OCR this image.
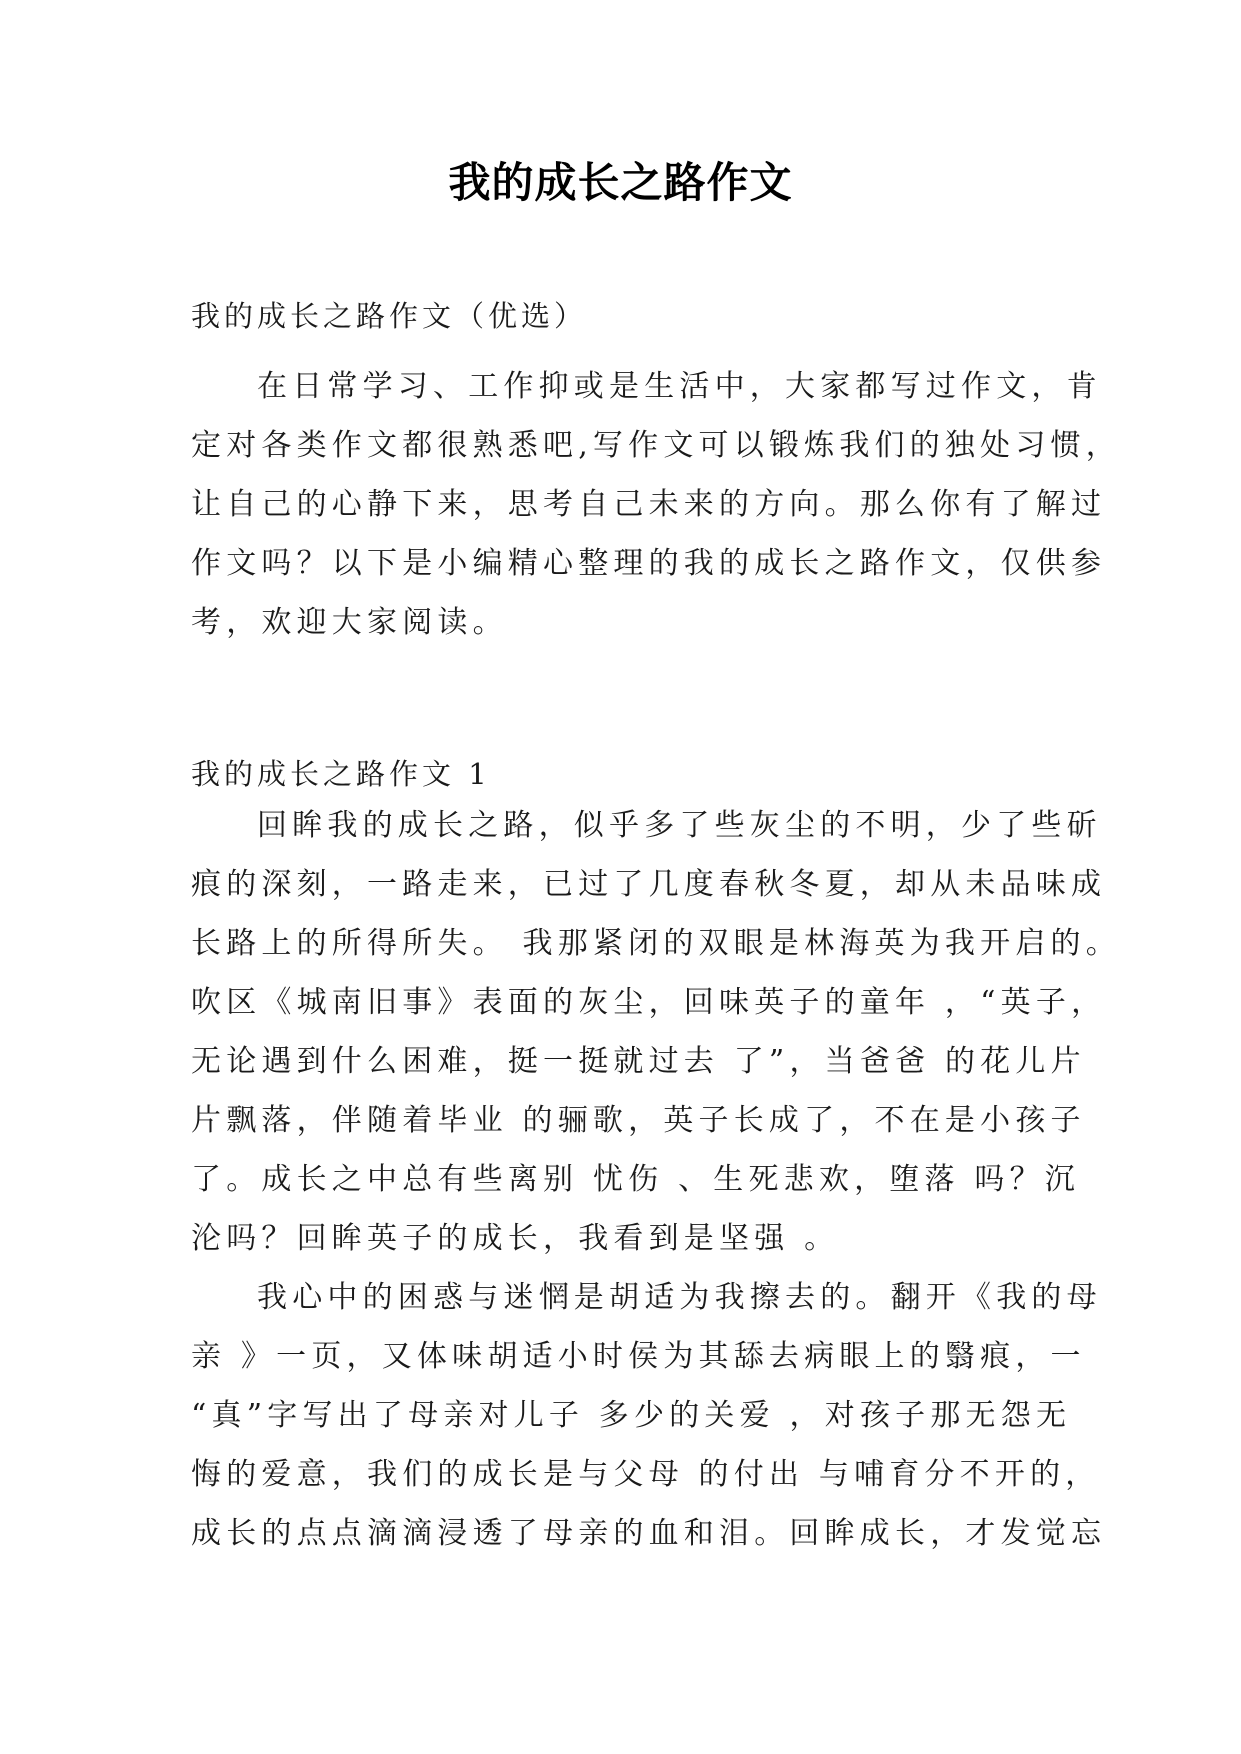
我的成长之路作文

我的成长之路作文（优选）

在日常学习、工作抑或是生活中，大家都写过作文，肯
定对各类作文都很熟悉吧,写作文可以锻炼我们的独处习惯，
让自己的心静下来，思考自己未来的方向。那么你有了解过
作文吗？以下是小编精心整理的我的成长之路作文，仅供参
考，欢迎大家阅读。

我的成长之路作文 1

回眸我的成长之路，似乎多了些灰尘的不明，少了些斫
痕的深刻，一路走来，已过了几度春秋冬夏，却从未品味成
长路上的所得所失。 我那紧闭的双眼是林海英为我开启的。
吹区《城南旧事》表面的灰尘，回味英子的童年 ，“英子，
无论遇到什么困难，挺一挺就过去 了”，当爸爸 的花儿片
片飘落，伴随着毕业 的骊歌，英子长成了，不在是小孩子
了。成长之中总有些离别 忧伤 、生死悲欢，堕落 吗？沉
沦吗？回眸英子的成长，我看到是坚强 。
我心中的困惑与迷惘是胡适为我擦去的。翻开《我的母
亲 》一页，又体味胡适小时侯为其舔去病眼上的翳痕，一
“真”字写出了母亲对儿子 多少的关爱 ，对孩子那无怨无
悔的爱意，我们的成长是与父母 的付出 与哺育分不开的，
成长的点点滴滴浸透了母亲的血和泪。回眸成长，才发觉忘
